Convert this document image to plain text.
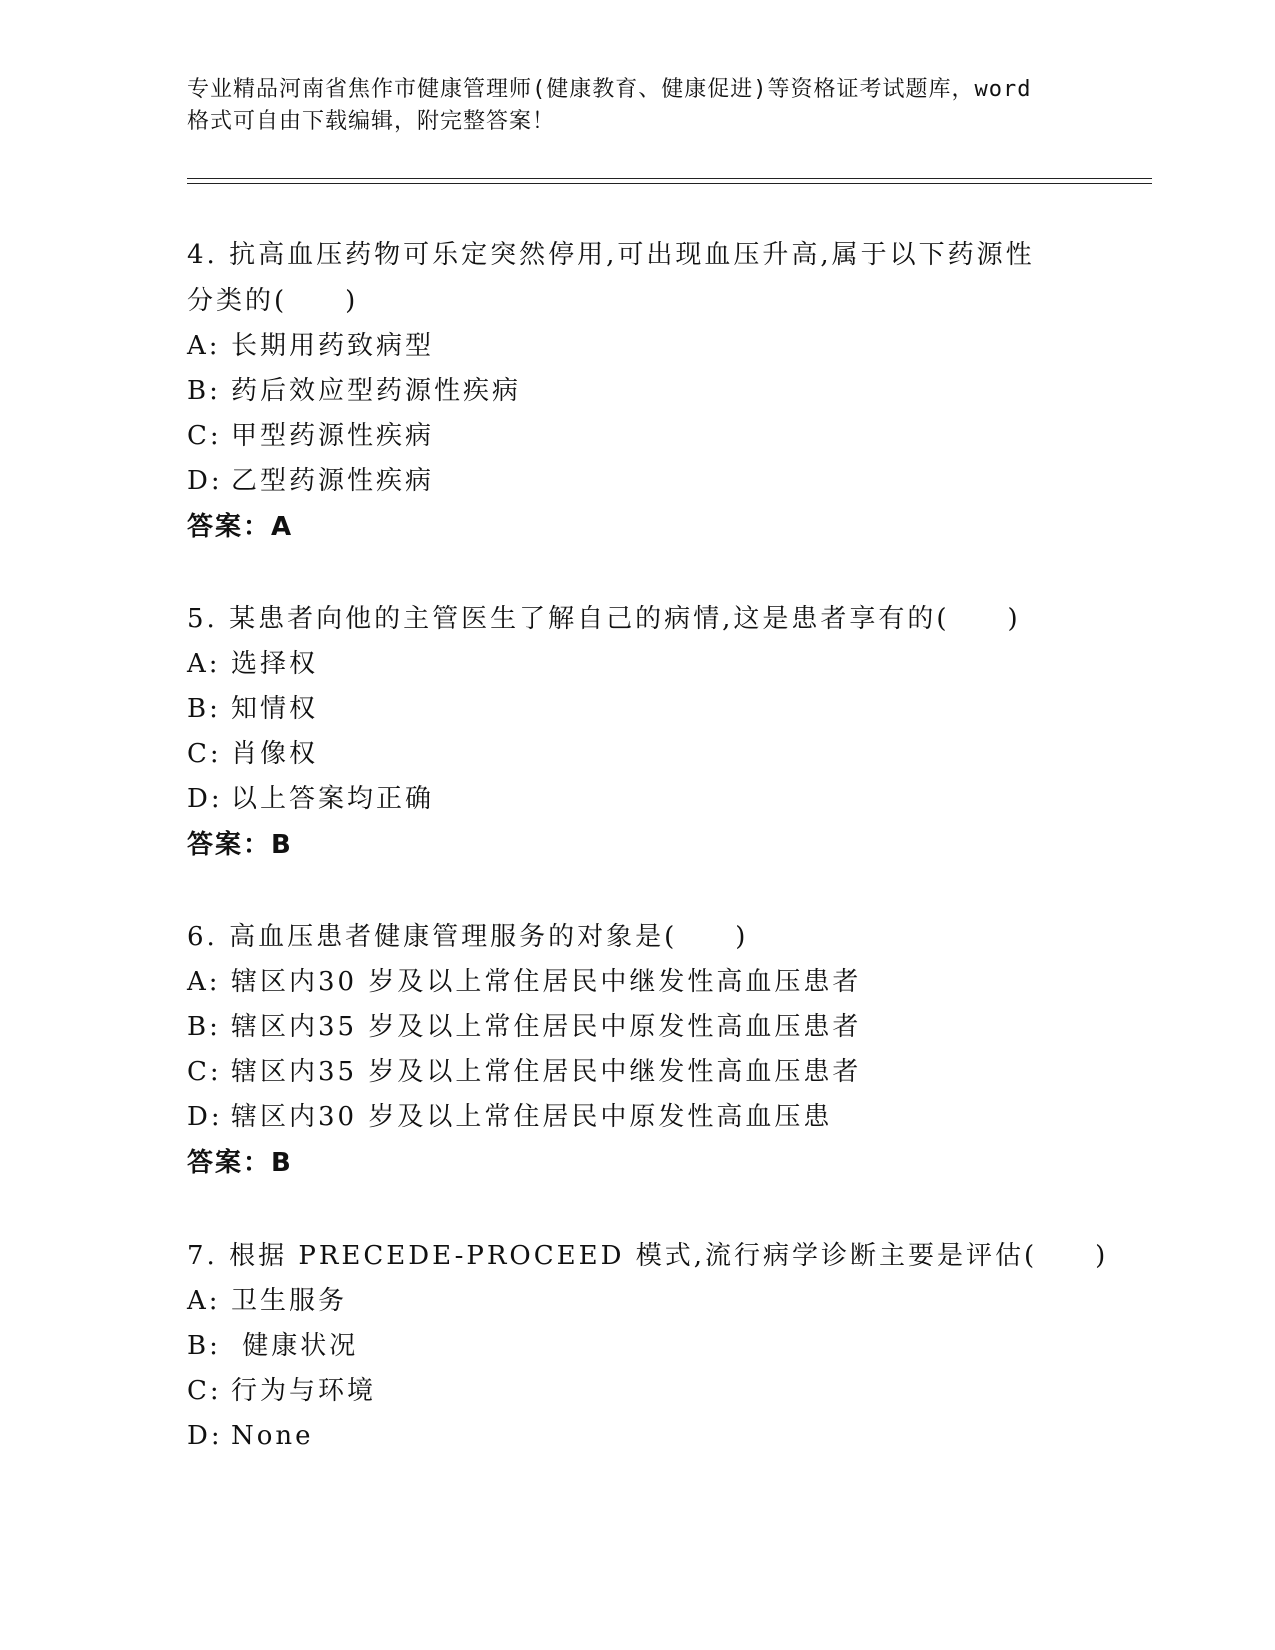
专业精品河南省焦作市健康管理师(健康教育、健康促进)等资格证考试题库，word
格式可自由下载编辑，附完整答案！
4. 抗高血压药物可乐定突然停用,可出现血压升高,属于以下药源性分类的(　　)
A: 长期用药致病型
B: 药后效应型药源性疾病
C: 甲型药源性疾病
D: 乙型药源性疾病
答案：A
5. 某患者向他的主管医生了解自己的病情,这是患者享有的(　　)
A: 选择权
B: 知情权
C: 肖像权
D: 以上答案均正确
答案：B
6. 高血压患者健康管理服务的对象是(　　)
A: 辖区内30 岁及以上常住居民中继发性高血压患者
B: 辖区内35 岁及以上常住居民中原发性高血压患者
C: 辖区内35 岁及以上常住居民中继发性高血压患者
D: 辖区内30 岁及以上常住居民中原发性高血压患
答案：B
7. 根据 PRECEDE-PROCEED 模式,流行病学诊断主要是评估(　　)
A: 卫生服务
B: 健康状况
C: 行为与环境
D: None
